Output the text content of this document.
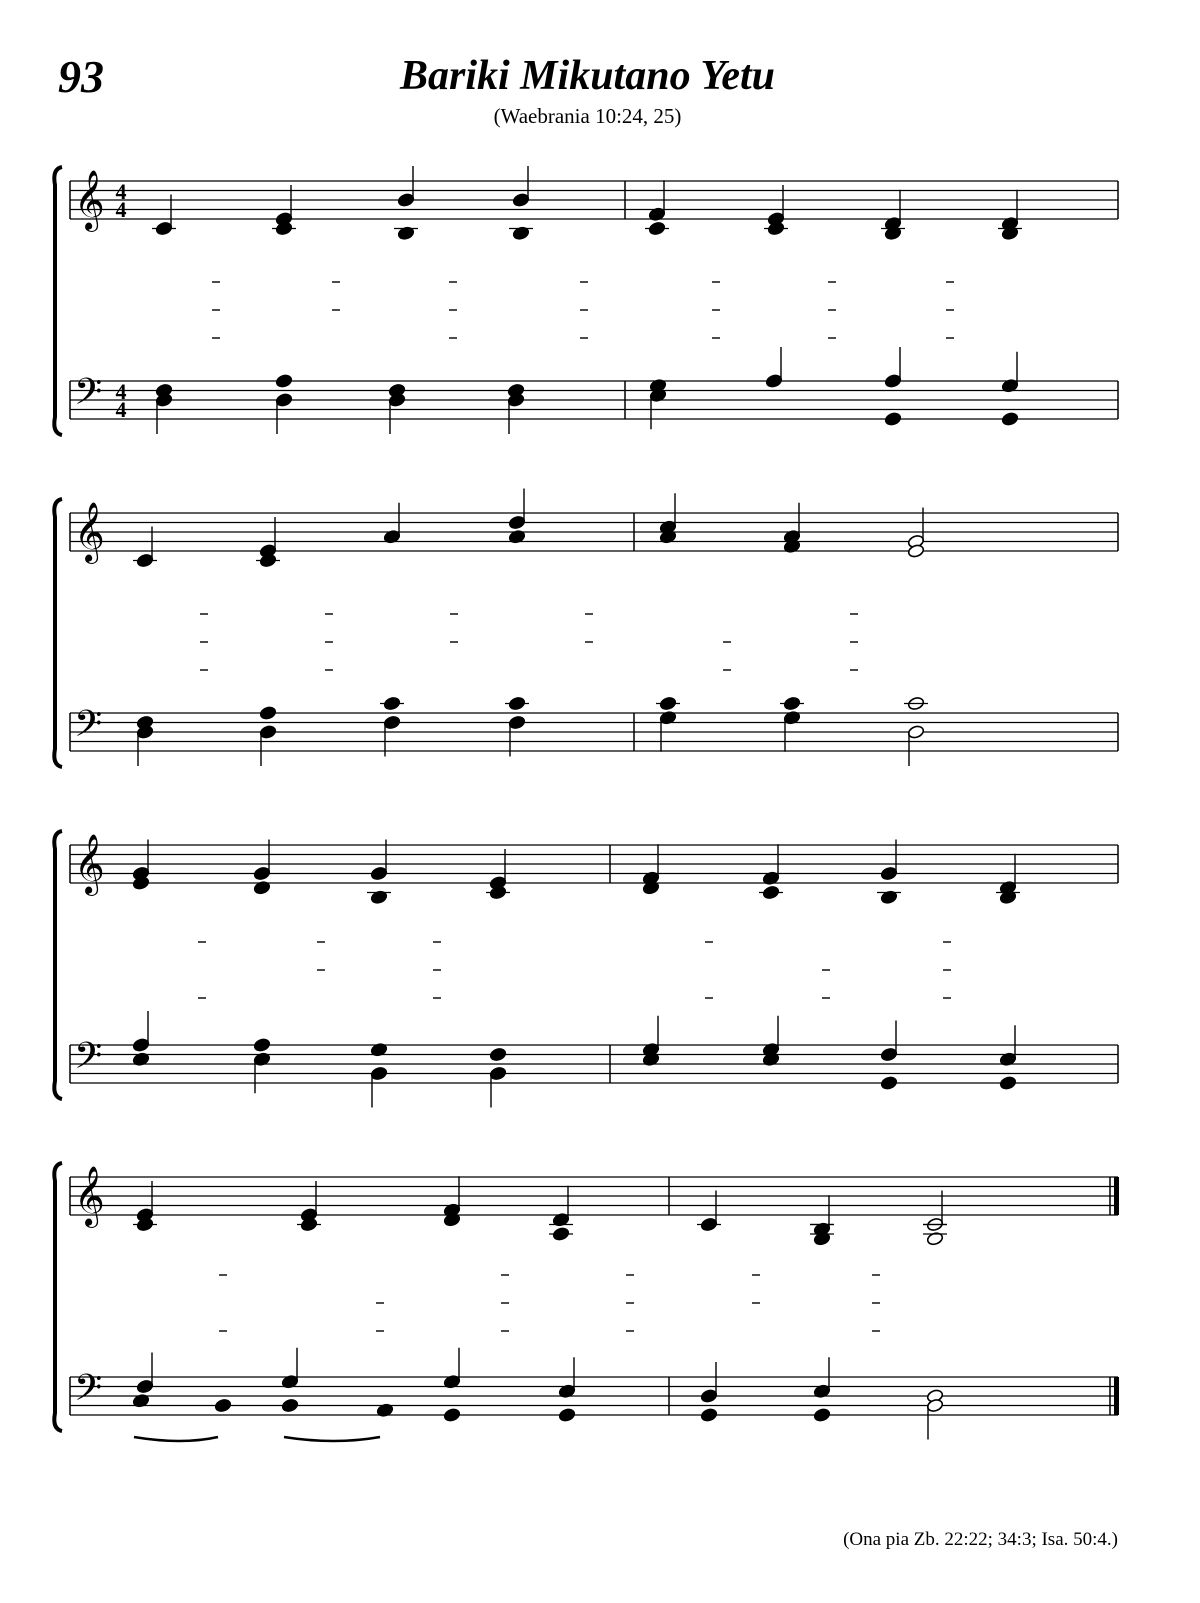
93	Bariki Mikutano Yetu
(Waebrania 10:24, 25)
𝄞
𝄢
4
4
4
4
𝄞
𝄢
𝄞
𝄢
𝄞
𝄢
(Ona pia Zb. 22:22; 34:3; Isa. 50:4.)
